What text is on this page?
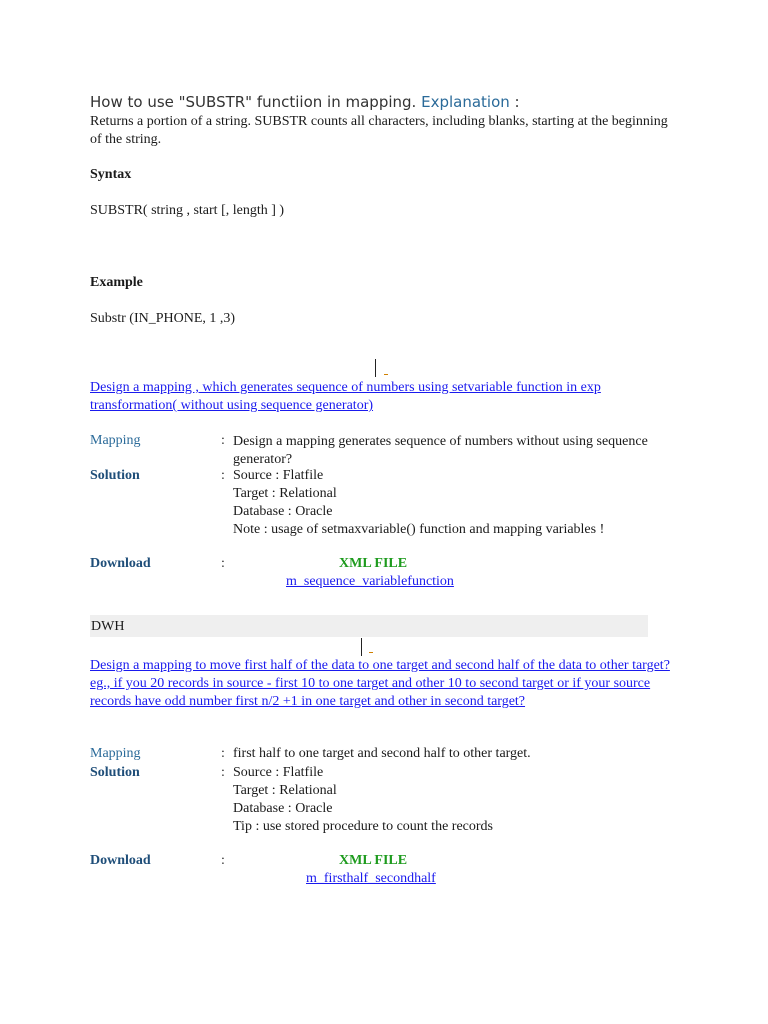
How to use "SUBSTR" functiion in mapping. Explanation :
Returns a portion of a string. SUBSTR counts all characters, including blanks, starting at the beginning of the string.
Syntax
SUBSTR( string , start [, length ] )
Example
Substr (IN_PHONE, 1 ,3)
Design a mapping , which generates sequence of numbers using setvariable function in exp transformation( without using sequence generator)
Mapping	: Design a mapping generates sequence of numbers without using sequence generator?
Solution	: Source : Flatfile
Target : Relational
Database : Oracle
Note : usage of setmaxvariable() function and mapping variables !
Download	:	XML FILE
m_sequence_variablefunction
DWH
Design a mapping to move first half of the data to one target and second half of the data to other target? eg., if you 20 records in source - first 10 to one target and other 10 to second target or if your source records have odd number first n/2 +1 in one target and other in second target?
Mapping	: first half to one target and second half to other target.
Solution	: Source : Flatfile
Target : Relational
Database : Oracle
Tip : use stored procedure to count the records
Download	:	XML FILE
m_firsthalf_secondhalf
